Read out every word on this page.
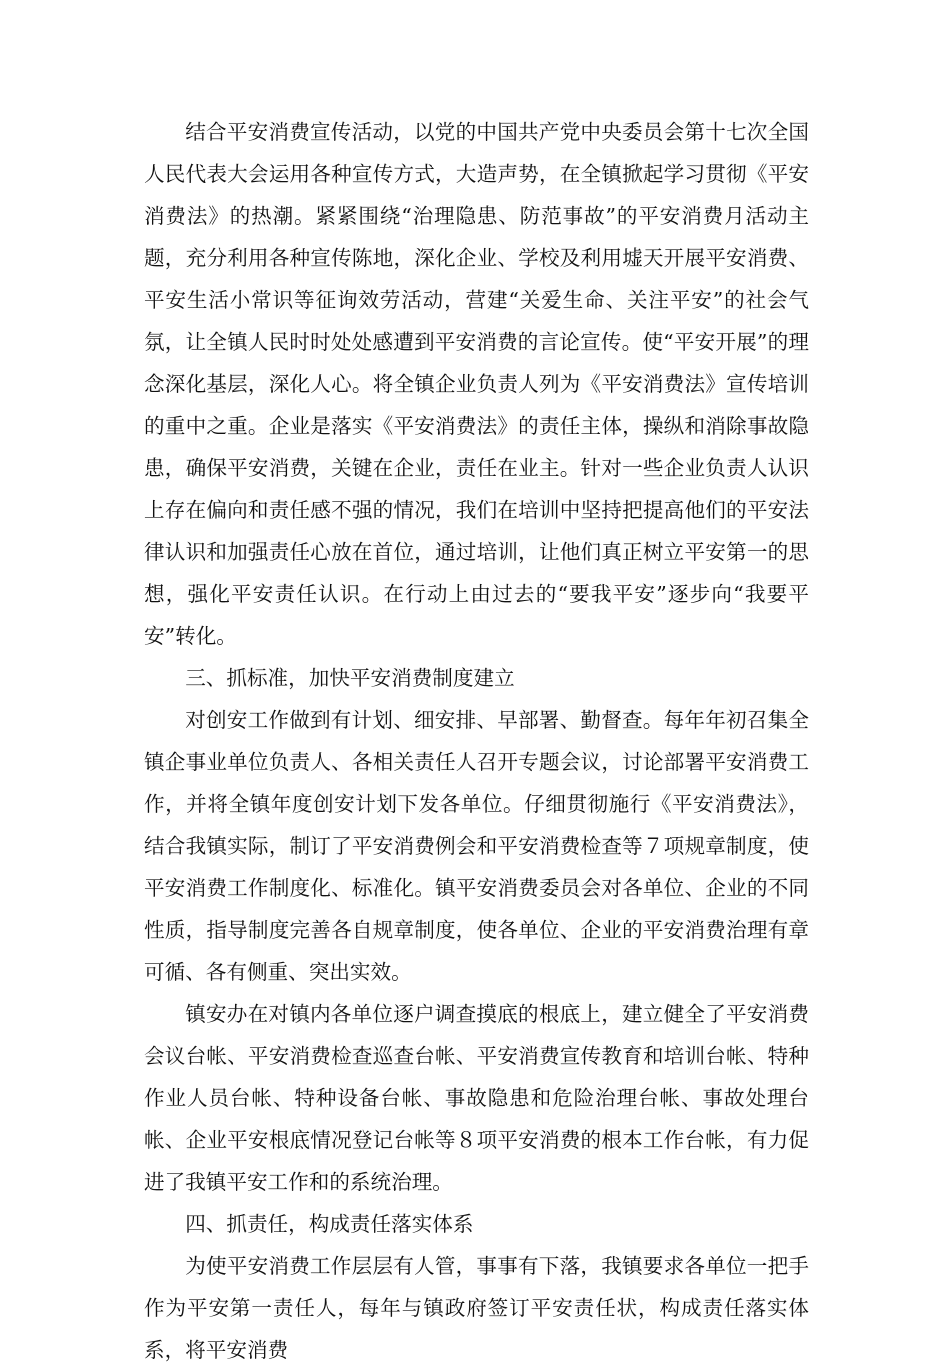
结合平安消费宣传活动，以党的中国共产党中央委员会第十七次全国人民代表大会运用各种宣传方式，大造声势，在全镇掀起学习贯彻《平安消费法》的热潮。紧紧围绕“治理隐患、防范事故”的平安消费月活动主题，充分利用各种宣传陈地，深化企业、学校及利用墟天开展平安消费、平安生活小常识等征询效劳活动，营建“关爱生命、关注平安”的社会气氛，让全镇人民时时处处感遭到平安消费的言论宣传。使“平安开展”的理念深化基层，深化人心。将全镇企业负责人列为《平安消费法》宣传培训的重中之重。企业是落实《平安消费法》的责任主体，操纵和消除事故隐患，确保平安消费，关键在企业，责任在业主。针对一些企业负责人认识上存在偏向和责任感不强的情况，我们在培训中坚持把提高他们的平安法律认识和加强责任心放在首位，通过培训，让他们真正树立平安第一的思想，强化平安责任认识。在行动上由过去的“要我平安”逐步向“我要平安”转化。

三、抓标准，加快平安消费制度建立

对创安工作做到有计划、细安排、早部署、勤督查。每年年初召集全镇企事业单位负责人、各相关责任人召开专题会议，讨论部署平安消费工作，并将全镇年度创安计划下发各单位。仔细贯彻施行《平安消费法》，结合我镇实际，制订了平安消费例会和平安消费检查等７项规章制度，使平安消费工作制度化、标准化。镇平安消费委员会对各单位、企业的不同性质，指导制度完善各自规章制度，使各单位、企业的平安消费治理有章可循、各有侧重、突出实效。

镇安办在对镇内各单位逐户调查摸底的根底上，建立健全了平安消费会议台帐、平安消费检查巡查台帐、平安消费宣传教育和培训台帐、特种作业人员台帐、特种设备台帐、事故隐患和危险治理台帐、事故处理台帐、企业平安根底情况登记台帐等８项平安消费的根本工作台帐，有力促进了我镇平安工作和的系统治理。

四、抓责任，构成责任落实体系

为使平安消费工作层层有人管，事事有下落，我镇要求各单位一把手作为平安第一责任人，每年与镇政府签订平安责任状，构成责任落实体系，将平安消费
